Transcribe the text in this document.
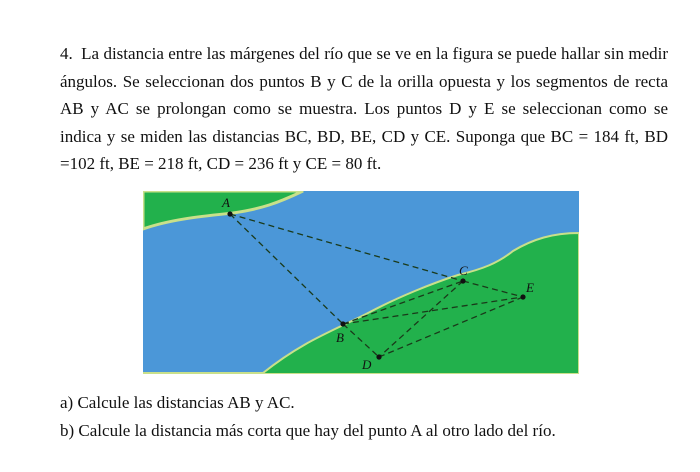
4. La distancia entre las márgenes del río que se ve en la figura se puede hallar sin medir ángulos. Se seleccionan dos puntos B y C de la orilla opuesta y los segmentos de recta AB y AC se prolongan como se muestra. Los puntos D y E se seleccionan como se indica y se miden las distancias BC, BD, BE, CD y CE. Suponga que BC = 184 ft, BD =102 ft, BE = 218 ft, CD = 236 ft y CE = 80 ft.
A
B
C
D
E
a) Calcule las distancias AB y AC.
b) Calcule la distancia más corta que hay del punto A al otro lado del río.
